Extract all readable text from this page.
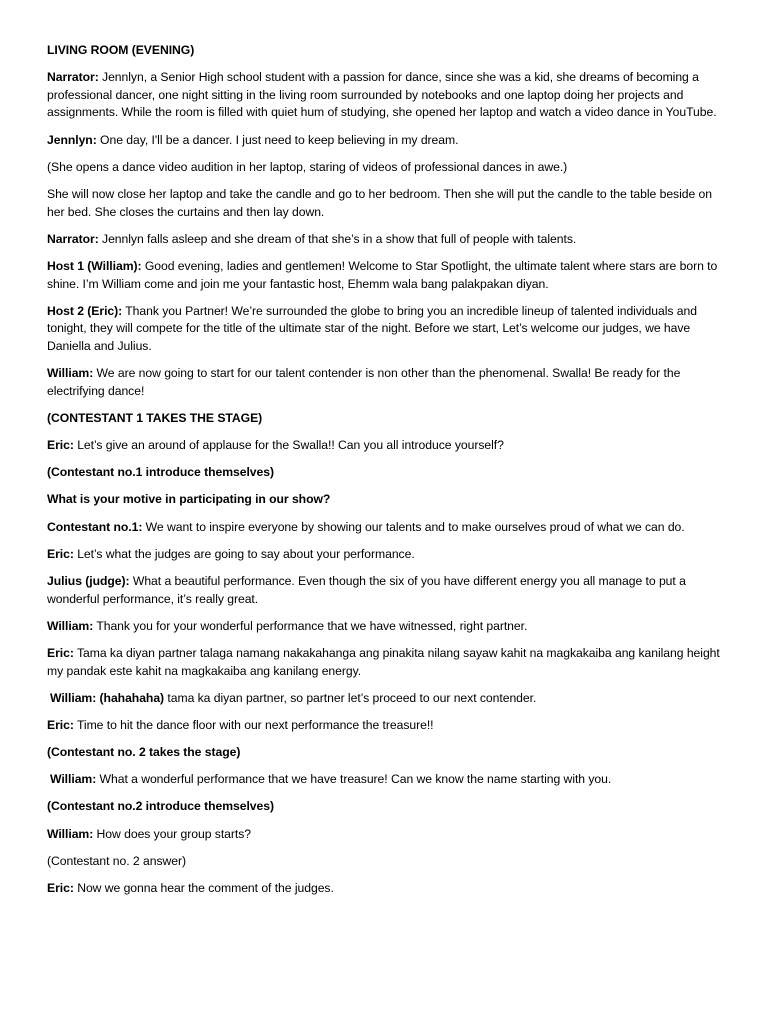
LIVING ROOM (EVENING)

Narrator: Jennlyn, a Senior High school student with a passion for dance, since she was a kid, she dreams of becoming a professional dancer, one night sitting in the living room surrounded by notebooks and one laptop doing her projects and assignments. While the room is filled with quiet hum of studying, she opened her laptop and watch a video dance in YouTube.

Jennlyn: One day, I'll be a dancer. I just need to keep believing in my dream.

(She opens a dance video audition in her laptop, staring of videos of professional dances in awe.)

She will now close her laptop and take the candle and go to her bedroom. Then she will put the candle to the table beside on her bed. She closes the curtains and then lay down.

Narrator: Jennlyn falls asleep and she dream of that she’s in a show that full of people with talents.

Host 1 (William): Good evening, ladies and gentlemen! Welcome to Star Spotlight, the ultimate talent where stars are born to shine. I’m William come and join me your fantastic host, Ehemm wala bang palakpakan diyan.

Host 2 (Eric): Thank you Partner! We’re surrounded the globe to bring you an incredible lineup of talented individuals and tonight, they will compete for the title of the ultimate star of the night. Before we start, Let’s welcome our judges, we have Daniella and Julius.

William: We are now going to start for our talent contender is non other than the phenomenal. Swalla! Be ready for the electrifying dance!

(CONTESTANT 1 TAKES THE STAGE)

Eric: Let’s give an around of applause for the Swalla!! Can you all introduce yourself?

(Contestant no.1 introduce themselves)

What is your motive in participating in our show?

Contestant no.1: We want to inspire everyone by showing our talents and to make ourselves proud of what we can do.

Eric: Let’s what the judges are going to say about your performance.

Julius (judge): What a beautiful performance. Even though the six of you have different energy you all manage to put a wonderful performance, it’s really great.

William: Thank you for your wonderful performance that we have witnessed, right partner.

Eric: Tama ka diyan partner talaga namang nakakahanga ang pinakita nilang sayaw kahit na magkakaiba ang kanilang height my pandak este kahit na magkakaiba ang kanilang energy.

William: (hahahaha) tama ka diyan partner, so partner let’s proceed to our next contender.

Eric: Time to hit the dance floor with our next performance the treasure!!

(Contestant no. 2 takes the stage)

William: What a wonderful performance that we have treasure! Can we know the name starting with you.

(Contestant no.2 introduce themselves)

William: How does your group starts?

(Contestant no. 2 answer)

Eric: Now we gonna hear the comment of the judges.
